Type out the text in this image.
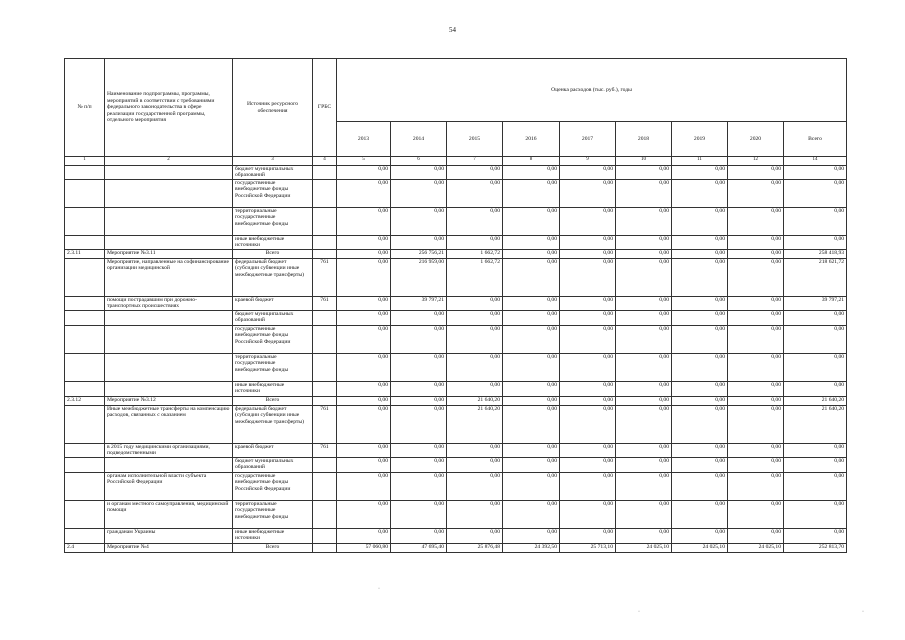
54
№ п/п	Наименование подпрограммы, программы, мероприятий в соответствии с требованиями федерального законодательства в сфере реализации государственной программы, отдельного мероприятия	Источник ресурсного обеспечения	ГРБС	Оценка расходов (тыс. руб.), годы								
				2013	2014	2015	2016	2017	2018	2019	2020	Всего
1	2	3	4	5	6	7	8	9	10	11	12	14
		бюджет муниципальных образований		0,00	0,00	0,00	0,00	0,00	0,00	0,00	0,00	0,00
		государственные внебюджетные фонды Российской Федерации		0,00	0,00	0,00	0,00	0,00	0,00	0,00	0,00	0,00
		территориальные государственные внебюджетные фонды		0,00	0,00	0,00	0,00	0,00	0,00	0,00	0,00	0,00
		иные внебюджетные источники		0,00	0,00	0,00	0,00	0,00	0,00	0,00	0,00	0,00
2.3.11	Мероприятие №3.11	Всего		0,00	256 756,21	1 662,72	0,00	0,00	0,00	0,00	0,00	258 418,93
	Мероприятие, направленные на софинансирование организации медицинской	федеральный бюджет (субсидии субвенции иные межбюджетные трансферты)	761	0,00	216 959,00	1 662,72	0,00	0,00	0,00	0,00	0,00	218 621,72
	помощи пострадавшим при дорожно-транспортных происшествиях	краевой бюджет	761	0,00	39 797,21	0,00	0,00	0,00	0,00	0,00	0,00	39 797,21
		бюджет муниципальных образований		0,00	0,00	0,00	0,00	0,00	0,00	0,00	0,00	0,00
		государственные внебюджетные фонды Российской Федерации		0,00	0,00	0,00	0,00	0,00	0,00	0,00	0,00	0,00
		территориальные государственные внебюджетные фонды		0,00	0,00	0,00	0,00	0,00	0,00	0,00	0,00	0,00
		иные внебюджетные источники		0,00	0,00	0,00	0,00	0,00	0,00	0,00	0,00	0,00
2.3.12	Мероприятие №3.12	Всего		0,00	0,00	21 640,20	0,00	0,00	0,00	0,00	0,00	21 640,20
	Иные межбюджетные трансферты на компенсацию расходов, связанных с оказанием	федеральный бюджет (субсидии субвенции иные межбюджетные трансферты)	761	0,00	0,00	21 640,20	0,00	0,00	0,00	0,00	0,00	21 640,20
	в 2015 году медицинскими организациями, подведомственными	краевой бюджет	761	0,00	0,00	0,00	0,00	0,00	0,00	0,00	0,00	0,00
		бюджет муниципальных образований		0,00	0,00	0,00	0,00	0,00	0,00	0,00	0,00	0,00
	органам исполнительной власти субъекта Российской Федерации	государственные внебюджетные фонды Российской Федерации		0,00	0,00	0,00	0,00	0,00	0,00	0,00	0,00	0,00
	и органам местного самоуправления, медицинской помощи	территориальные государственные внебюджетные фонды		0,00	0,00	0,00	0,00	0,00	0,00	0,00	0,00	0,00
	гражданам Украины	иные внебюджетные источники		0,00	0,00	0,00	0,00	0,00	0,00	0,00	0,00	0,00
2.4	Мероприятие №4	Всего		57 060,80	47 695,40	25 876,48	24 392,50	25 713,10	24 025,10	24 025,10	24 025,10	252 813,70
·
·	·
